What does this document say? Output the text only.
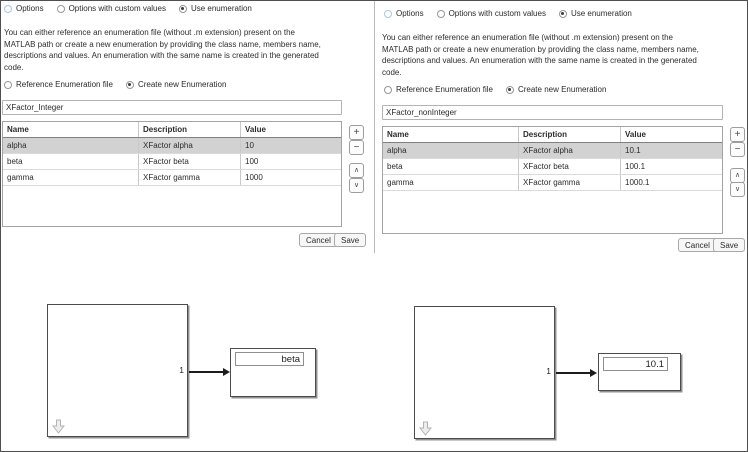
Options	Options with custom values	Use enumeration
You can either reference an enumeration file (without .m extension) present on the
MATLAB path or create a new enumeration by providing the class name, members name,
descriptions and values. An enumeration with the same name is created in the generated
code.
Reference Enumeration file	Create new Enumeration
XFactor_Integer
Name	Description	Value
alpha	XFactor alpha	10
beta	XFactor beta	100
gamma	XFactor gamma	1000
+
−
∧
∨
Cancel	Save
Options	Options with custom values	Use enumeration
You can either reference an enumeration file (without .m extension) present on the
MATLAB path or create a new enumeration by providing the class name, members name,
descriptions and values. An enumeration with the same name is created in the generated
code.
Reference Enumeration file	Create new Enumeration
XFactor_nonInteger
Name	Description	Value
alpha	XFactor alpha	10.1
beta	XFactor beta	100.1
gamma	XFactor gamma	1000.1
+
−
∧
∨
Cancel	Save
1
beta
1
10.1
